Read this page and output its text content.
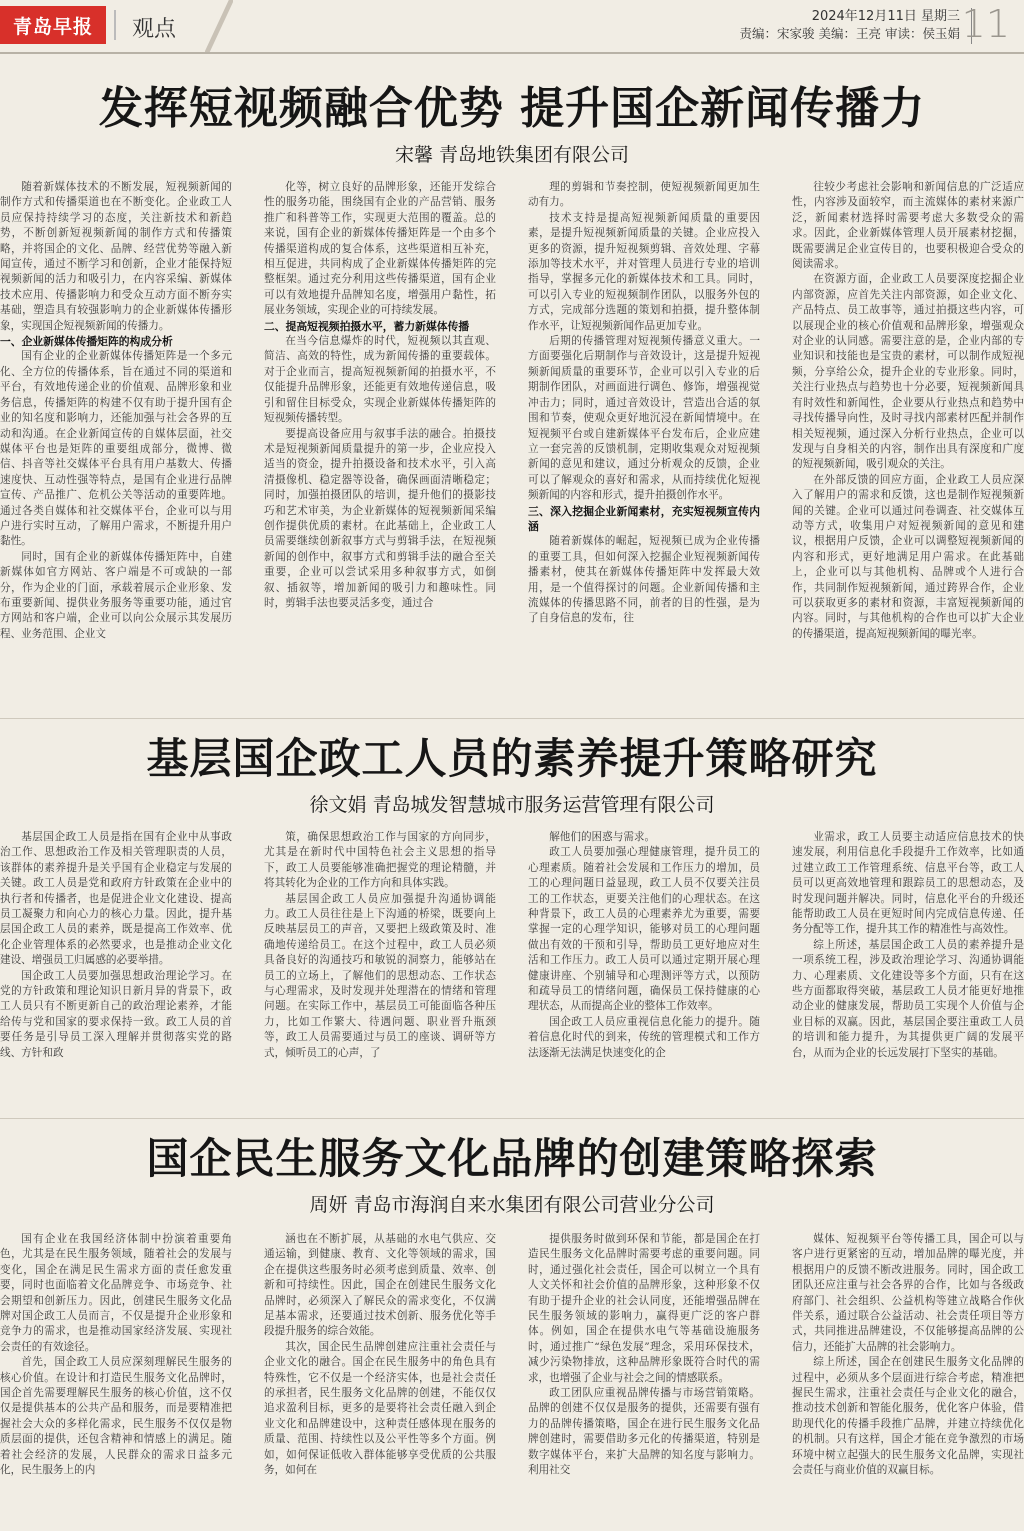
青岛早报	观点
2024年12月11日 星期三
责编：宋家骏 美编：王亮 审读：侯玉娟 11
发挥短视频融合优势 提升国企新闻传播力
宋馨 青岛地铁集团有限公司

随着新媒体技术的不断发展，短视频新闻的制作方式和传播渠道也在不断变化。企业政工人员应保持持续学习的态度，关注新技术和新趋势，不断创新短视频新闻的制作方式和传播策略，并将国企的文化、品牌、经营优势等融入新闻宣传，通过不断学习和创新，企业才能保持短视频新闻的活力和吸引力，在内容采编、新媒体技术应用、传播影响力和受众互动方面不断夯实基础，塑造具有较强影响力的企业新媒体传播形象，实现国企短视频新闻的传播力。

一、企业新媒体传播矩阵的构成分析

国有企业的企业新媒体传播矩阵是一个多元化、全方位的传播体系，旨在通过不同的渠道和平台，有效地传递企业的价值观、品牌形象和业务信息，传播矩阵的构建不仅有助于提升国有企业的知名度和影响力，还能加强与社会各界的互动和沟通。在企业新闻宣传的自媒体层面，社交媒体平台也是矩阵的重要组成部分，微博、微信、抖音等社交媒体平台具有用户基数大、传播速度快、互动性强等特点，是国有企业进行品牌宣传、产品推广、危机公关等活动的重要阵地。通过各类自媒体和社交媒体平台，企业可以与用户进行实时互动，了解用户需求，不断提升用户黏性。

同时，国有企业的新媒体传播矩阵中，自建新媒体如官方网站、客户端是不可或缺的一部分，作为企业的门面，承载着展示企业形象、发布重要新闻、提供业务服务等重要功能，通过官方网站和客户端，企业可以向公众展示其发展历程、业务范围、企业文

化等，树立良好的品牌形象，还能开发综合性的服务功能，围绕国有企业的产品营销、服务推广和科普等工作，实现更大范围的覆盖。总的来说，国有企业的新媒体传播矩阵是一个由多个传播渠道构成的复合体系，这些渠道相互补充，相互促进，共同构成了企业新媒体传播矩阵的完整框架。通过充分利用这些传播渠道，国有企业可以有效地提升品牌知名度，增强用户黏性，拓展业务领域，实现企业的可持续发展。

二、提高短视频拍摄水平，蓄力新媒体传播

在当今信息爆炸的时代，短视频以其直观、简洁、高效的特性，成为新闻传播的重要载体。对于企业而言，提高短视频新闻的拍摄水平，不仅能提升品牌形象，还能更有效地传递信息，吸引和留住目标受众，实现企业新媒体传播矩阵的短视频传播转型。

要提高设备应用与叙事手法的融合。拍摄技术是短视频新闻质量提升的第一步，企业应投入适当的资金，提升拍摄设备和技术水平，引入高清摄像机、稳定器等设备，确保画面清晰稳定；同时，加强拍摄团队的培训，提升他们的摄影技巧和艺术审美，为企业新媒体的短视频新闻采编创作提供优质的素材。在此基础上，企业政工人员需要继续创新叙事方式与剪辑手法，在短视频新闻的创作中，叙事方式和剪辑手法的融合至关重要，企业可以尝试采用多种叙事方式，如倒叙、插叙等，增加新闻的吸引力和趣味性。同时，剪辑手法也要灵活多变，通过合

理的剪辑和节奏控制，使短视频新闻更加生动有力。

技术支持是提高短视频新闻质量的重要因素，是提升短视频新闻质量的关键。企业应投入更多的资源，提升短视频剪辑、音效处理、字幕添加等技术水平，并对管理人员进行专业的培训指导，掌握多元化的新媒体技术和工具。同时，可以引入专业的短视频制作团队，以服务外包的方式，完成部分选题的策划和拍摄，提升整体制作水平，让短视频新闻作品更加专业。

后期的传播管理对短视频传播意义重大。一方面要强化后期制作与音效设计，这是提升短视频新闻质量的重要环节，企业可以引入专业的后期制作团队，对画面进行调色、修饰，增强视觉冲击力；同时，通过音效设计，营造出合适的氛围和节奏，使观众更好地沉浸在新闻情境中。在短视频平台或自建新媒体平台发布后，企业应建立一套完善的反馈机制，定期收集观众对短视频新闻的意见和建议，通过分析观众的反馈，企业可以了解观众的喜好和需求，从而持续优化短视频新闻的内容和形式，提升拍摄创作水平。

三、深入挖掘企业新闻素材，充实短视频宣传内涵

随着新媒体的崛起，短视频已成为企业传播的重要工具，但如何深入挖掘企业短视频新闻传播素材，使其在新媒体传播矩阵中发挥最大效用，是一个值得探讨的问题。企业新闻传播和主流媒体的传播思路不同，前者的目的性强，是为了自身信息的发布，往

往较少考虑社会影响和新闻信息的广泛适应性，内容涉及面较窄，而主流媒体的素材来源广泛，新闻素材选择时需要考虑大多数受众的需求。因此，企业新媒体管理人员开展素材挖掘，既需要满足企业宣传目的，也要积极迎合受众的阅读需求。

在资源方面，企业政工人员要深度挖掘企业内部资源，应首先关注内部资源，如企业文化、产品特点、员工故事等，通过拍摄这些内容，可以展现企业的核心价值观和品牌形象，增强观众对企业的认同感。需要注意的是，企业内部的专业知识和技能也是宝贵的素材，可以制作成短视频，分享给公众，提升企业的专业形象。同时，关注行业热点与趋势也十分必要，短视频新闻具有时效性和新闻性，企业要从行业热点和趋势中寻找传播导向性，及时寻找内部素材匹配并制作相关短视频，通过深入分析行业热点，企业可以发现与自身相关的内容，制作出具有深度和广度的短视频新闻，吸引观众的关注。

在外部反馈的回应方面，企业政工人员应深入了解用户的需求和反馈，这也是制作短视频新闻的关键。企业可以通过问卷调查、社交媒体互动等方式，收集用户对短视频新闻的意见和建议，根据用户反馈，企业可以调整短视频新闻的内容和形式，更好地满足用户需求。在此基础上，企业可以与其他机构、品牌或个人进行合作，共同制作短视频新闻，通过跨界合作，企业可以获取更多的素材和资源，丰富短视频新闻的内容。同时，与其他机构的合作也可以扩大企业的传播渠道，提高短视频新闻的曝光率。

基层国企政工人员的素养提升策略研究
徐文娟 青岛城发智慧城市服务运营管理有限公司

基层国企政工人员是指在国有企业中从事政治工作、思想政治工作及相关管理职责的人员，该群体的素养提升是关乎国有企业稳定与发展的关键。政工人员是党和政府方针政策在企业中的执行者和传播者，也是促进企业文化建设、提高员工凝聚力和向心力的核心力量。因此，提升基层国企政工人员的素养，既是提高工作效率、优化企业管理体系的必然要求，也是推动企业文化建设、增强员工归属感的必要举措。

国企政工人员要加强思想政治理论学习。在党的方针政策和理论知识日新月异的背景下，政工人员只有不断更新自己的政治理论素养，才能给传与党和国家的要求保持一致。政工人员的首要任务是引导员工深入理解并贯彻落实党的路线、方针和政

策，确保思想政治工作与国家的方向同步，尤其是在新时代中国特色社会主义思想的指导下，政工人员要能够准确把握党的理论精髓，并将其转化为企业的工作方向和具体实践。

基层国企政工人员应加强提升沟通协调能力。政工人员往往是上下沟通的桥梁，既要向上反映基层员工的声音，又要把上级政策及时、准确地传递给员工。在这个过程中，政工人员必须具备良好的沟通技巧和敏锐的洞察力，能够站在员工的立场上，了解他们的思想动态、工作状态与心理需求，及时发现并处理潜在的情绪和管理问题。在实际工作中，基层员工可能面临各种压力，比如工作繁大、待遇问题、职业晋升瓶颈等，政工人员需要通过与员工的座谈、调研等方式，倾听员工的心声，了

解他们的困惑与需求。

政工人员要加强心理健康管理，提升员工的心理素质。随着社会发展和工作压力的增加，员工的心理问题日益显现，政工人员不仅要关注员工的工作状态，更要关注他们的心理状态。在这种背景下，政工人员的心理素养尤为重要，需要掌握一定的心理学知识，能够对员工的心理问题做出有效的干预和引导，帮助员工更好地应对生活和工作压力。政工人员可以通过定期开展心理健康讲座、个别辅导和心理测评等方式，以预防和疏导员工的情绪问题，确保员工保持健康的心理状态，从而提高企业的整体工作效率。

国企政工人员应重视信息化能力的提升。随着信息化时代的到来，传统的管理模式和工作方法逐渐无法满足快速变化的企

业需求，政工人员要主动适应信息技术的快速发展，利用信息化手段提升工作效率，比如通过建立政工工作管理系统、信息平台等，政工人员可以更高效地管理和跟踪员工的思想动态，及时发现问题并解决。同时，信息化平台的升级还能帮助政工人员在更短时间内完成信息传递、任务分配等工作，提升其工作的精准性与高效性。

综上所述，基层国企政工人员的素养提升是一项系统工程，涉及政治理论学习、沟通协调能力、心理素质、文化建设等多个方面，只有在这些方面都取得突破，基层政工人员才能更好地推动企业的健康发展，帮助员工实现个人价值与企业目标的双赢。因此，基层国企要注重政工人员的培训和能力提升，为其提供更广阔的发展平台，从而为企业的长远发展打下坚实的基础。

国企民生服务文化品牌的创建策略探索
周妍 青岛市海润自来水集团有限公司营业分公司

国有企业在我国经济体制中扮演着重要角色，尤其是在民生服务领域，随着社会的发展与变化，国企在满足民生需求方面的责任愈发重要，同时也面临着文化品牌竞争、市场竞争、社会期望和创新压力。因此，创建民生服务文化品牌对国企政工人员而言，不仅是提升企业形象和竞争力的需求，也是推动国家经济发展、实现社会责任的有效途径。

首先，国企政工人员应深刻理解民生服务的核心价值。在设计和打造民生服务文化品牌时，国企首先需要理解民生服务的核心价值，这不仅仅是提供基本的公共产品和服务，而是要精准把握社会大众的多样化需求，民生服务不仅仅是物质层面的提供，还包含精神和情感上的满足。随着社会经济的发展，人民群众的需求日益多元化，民生服务上的内

涵也在不断扩展，从基础的水电气供应、交通运输，到健康、教育、文化等领域的需求，国企在提供这些服务时必须考虑到质量、效率、创新和可持续性。因此，国企在创建民生服务文化品牌时，必须深入了解民众的需求变化，不仅满足基本需求，还要通过技术创新、服务优化等手段提升服务的综合效能。

其次，国企民生品牌创建应注重社会责任与企业文化的融合。国企在民生服务中的角色具有特殊性，它不仅是一个经济实体，也是社会责任的承担者，民生服务文化品牌的创建，不能仅仅追求盈利目标，更多的是要将社会责任融入到企业文化和品牌建设中，这种责任感体现在服务的质量、范围、持续性以及公平性等多个方面。例如，如何保证低收入群体能够享受优质的公共服务，如何在

提供服务时做到环保和节能，都是国企在打造民生服务文化品牌时需要考虑的重要问题。同时，通过强化社会责任，国企可以树立一个具有人文关怀和社会价值的品牌形象，这种形象不仅有助于提升企业的社会认同度，还能增强品牌在民生服务领域的影响力，赢得更广泛的客户群体。例如，国企在提供水电气等基础设施服务时，通过推广“绿色发展”理念，采用环保技术，减少污染物排放，这种品牌形象既符合时代的需求，也增强了企业与社会之间的情感联系。

政工团队应重视品牌传播与市场营销策略。品牌的创建不仅仅是服务的提供，还需要有强有力的品牌传播策略，国企在进行民生服务文化品牌创建时，需要借助多元化的传播渠道，特别是数字媒体平台，来扩大品牌的知名度与影响力。利用社交

媒体、短视频平台等传播工具，国企可以与客户进行更紧密的互动，增加品牌的曝光度，并根据用户的反馈不断改进服务。同时，国企政工团队还应注重与社会各界的合作，比如与各级政府部门、社会组织、公益机构等建立战略合作伙伴关系，通过联合公益活动、社会责任项目等方式，共同推进品牌建设，不仅能够提高品牌的公信力，还能扩大品牌的社会影响力。

综上所述，国企在创建民生服务文化品牌的过程中，必须从多个层面进行综合考虑，精准把握民生需求，注重社会责任与企业文化的融合，推动技术创新和智能化服务，优化客户体验，借助现代化的传播手段推广品牌，并建立持续优化的机制。只有这样，国企才能在竞争激烈的市场环境中树立起强大的民生服务文化品牌，实现社会责任与商业价值的双赢目标。
